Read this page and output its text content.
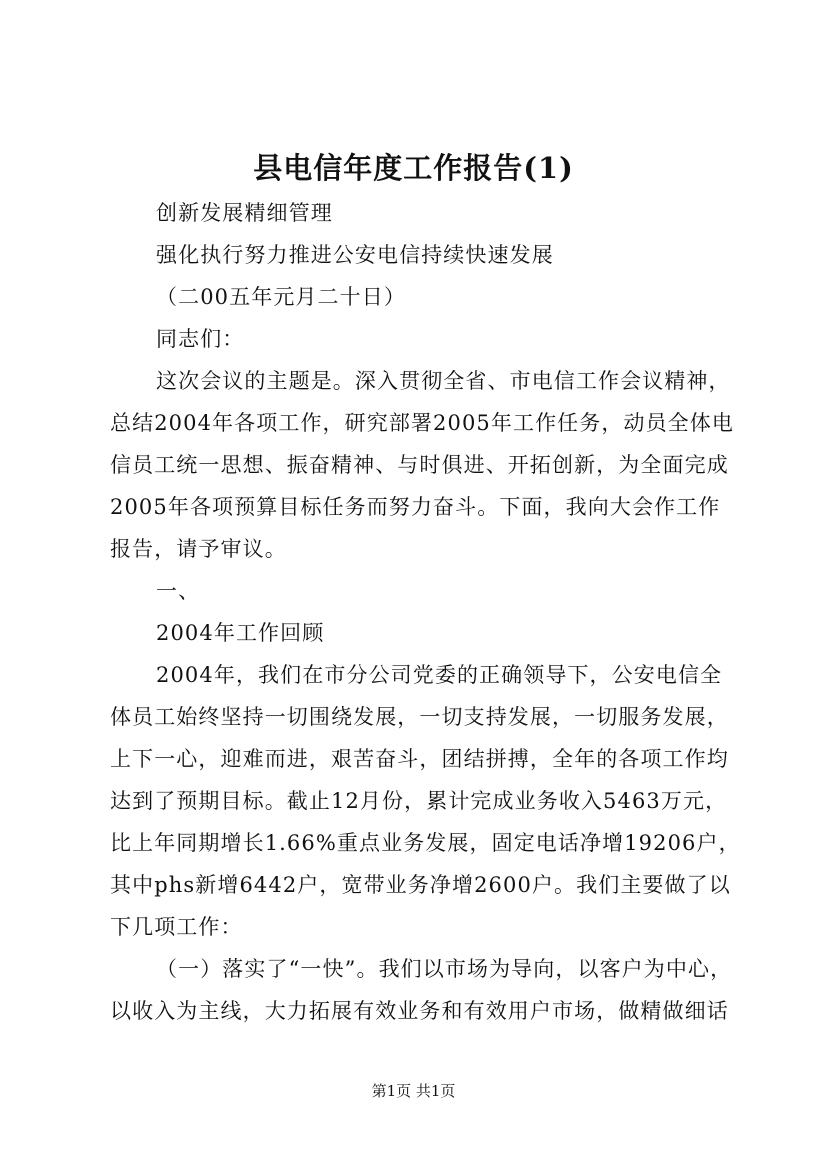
县电信年度工作报告(1)
创新发展精细管理
强化执行努力推进公安电信持续快速发展
（二00五年元月二十日）
同志们：
这次会议的主题是。深入贯彻全省、市电信工作会议精神，
总结2004年各项工作，研究部署2005年工作任务，动员全体电
信员工统一思想、振奋精神、与时俱进、开拓创新，为全面完成
2005年各项预算目标任务而努力奋斗。下面，我向大会作工作
报告，请予审议。
一、
2004年工作回顾
2004年，我们在市分公司党委的正确领导下，公安电信全
体员工始终坚持一切围绕发展，一切支持发展，一切服务发展，
上下一心，迎难而进，艰苦奋斗，团结拼搏，全年的各项工作均
达到了预期目标。截止12月份，累计完成业务收入5463万元，
比上年同期增长1.66%重点业务发展，固定电话净增19206户，
其中phs新增6442户，宽带业务净增2600户。我们主要做了以
下几项工作：
（一）落实了“一快”。我们以市场为导向，以客户为中心，
以收入为主线，大力拓展有效业务和有效用户市场，做精做细话
第1页 共1页
